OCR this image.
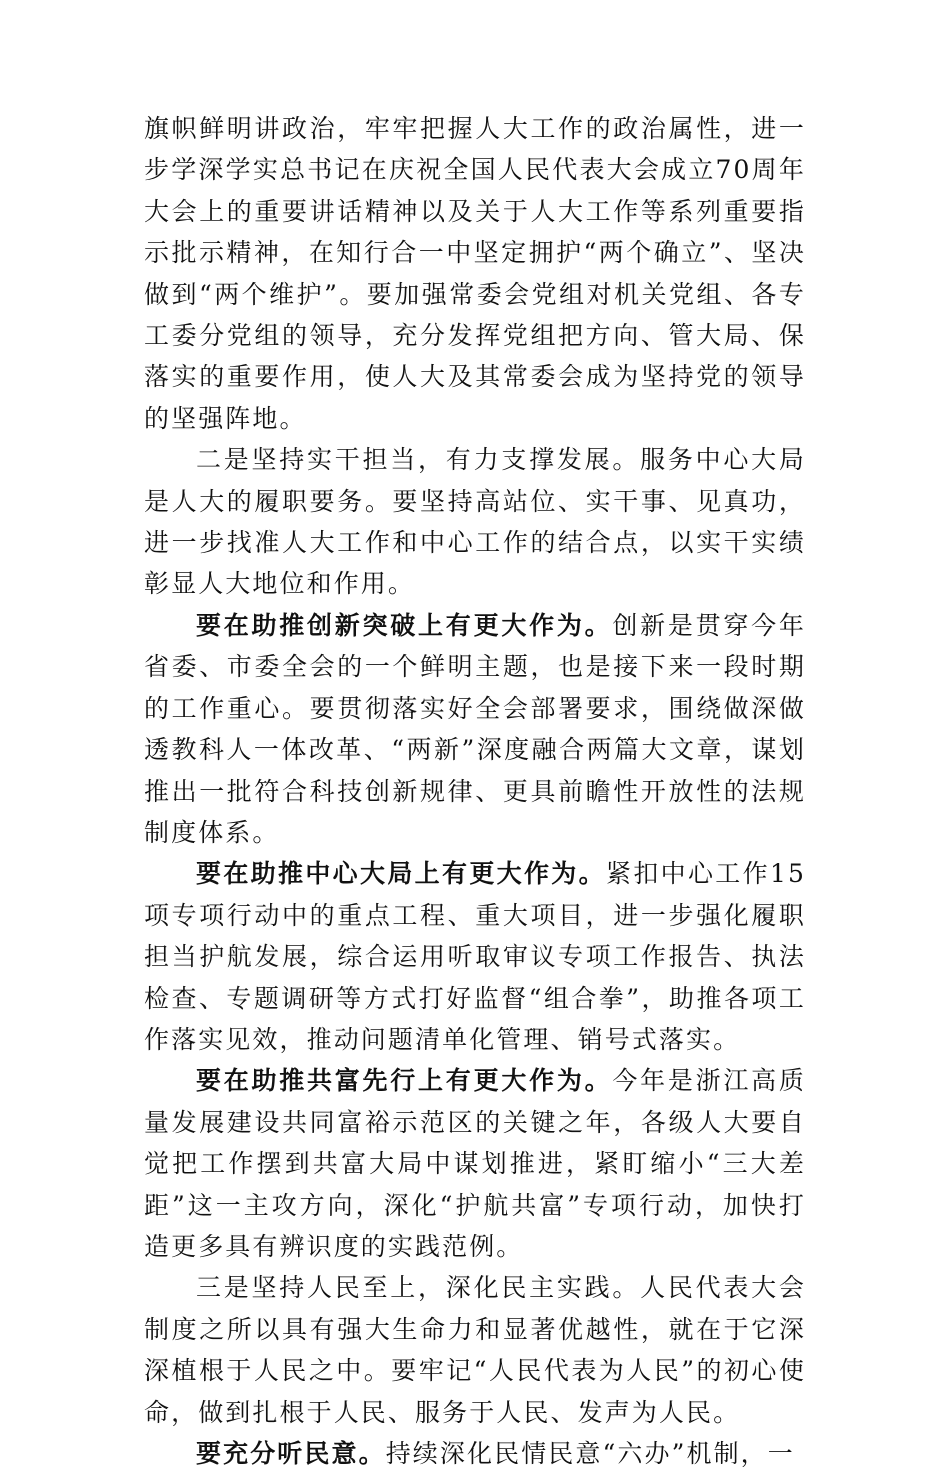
旗帜鲜明讲政治，牢牢把握人大工作的政治属性，进一步学深学实总书记在庆祝全国人民代表大会成立70周年大会上的重要讲话精神以及关于人大工作等系列重要指示批示精神，在知行合一中坚定拥护“两个确立”、坚决做到“两个维护”。要加强常委会党组对机关党组、各专工委分党组的领导，充分发挥党组把方向、管大局、保落实的重要作用，使人大及其常委会成为坚持党的领导的坚强阵地。

二是坚持实干担当，有力支撑发展。服务中心大局是人大的履职要务。要坚持高站位、实干事、见真功，进一步找准人大工作和中心工作的结合点，以实干实绩彰显人大地位和作用。

要在助推创新突破上有更大作为。创新是贯穿今年省委、市委全会的一个鲜明主题，也是接下来一段时期的工作重心。要贯彻落实好全会部署要求，围绕做深做透教科人一体改革、“两新”深度融合两篇大文章，谋划推出一批符合科技创新规律、更具前瞻性开放性的法规制度体系。

要在助推中心大局上有更大作为。紧扣中心工作15项专项行动中的重点工程、重大项目，进一步强化履职担当护航发展，综合运用听取审议专项工作报告、执法检查、专题调研等方式打好监督“组合拳”，助推各项工作落实见效，推动问题清单化管理、销号式落实。

要在助推共富先行上有更大作为。今年是浙江高质量发展建设共同富裕示范区的关键之年，各级人大要自觉把工作摆到共富大局中谋划推进，紧盯缩小“三大差距”这一主攻方向，深化“护航共富”专项行动，加快打造更多具有辨识度的实践范例。

三是坚持人民至上，深化民主实践。人民代表大会制度之所以具有强大生命力和显著优越性，就在于它深深植根于人民之中。要牢记“人民代表为人民”的初心使命，做到扎根于人民、服务于人民、发声为人民。

要充分听民意。持续深化民情民意“六办”机制，一
